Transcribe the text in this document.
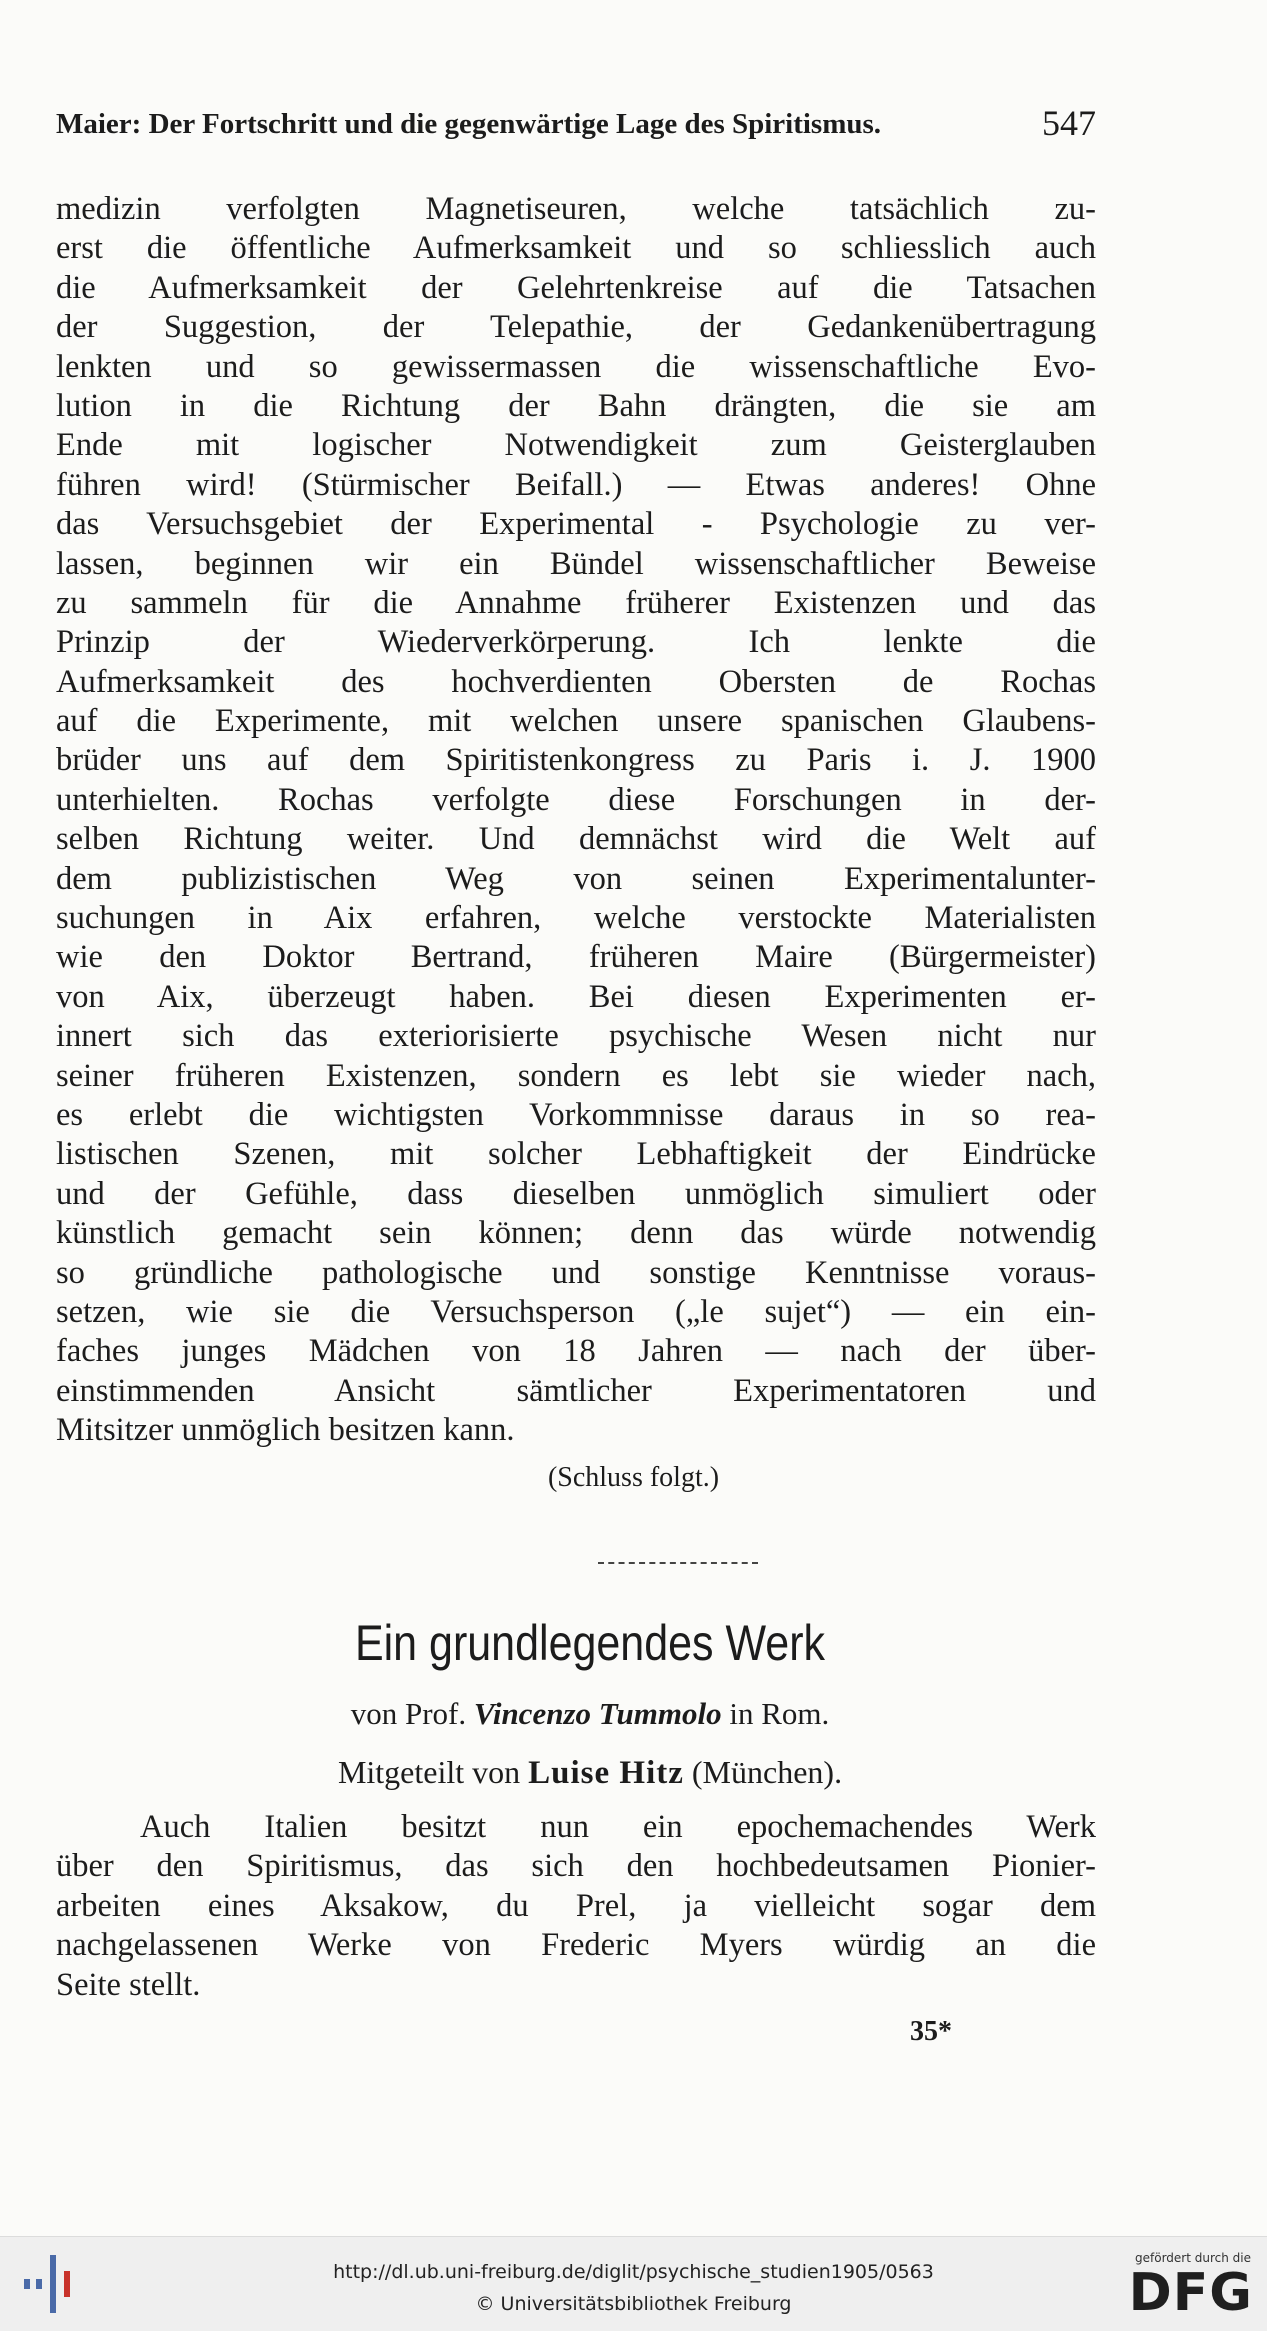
Maier: Der Fortschritt und die gegenwärtige Lage des Spiritismus.	547
medizin verfolgten Magnetiseuren, welche tatsächlich zu-
erst die öffentliche Aufmerksamkeit und so schliesslich auch
die Aufmerksamkeit der Gelehrtenkreise auf die Tatsachen
der Suggestion, der Telepathie, der Gedankenübertragung
lenkten und so gewissermassen die wissenschaftliche Evo-
lution in die Richtung der Bahn drängten, die sie am
Ende mit logischer Notwendigkeit zum Geisterglauben
führen wird! (Stürmischer Beifall.) — Etwas anderes! Ohne
das Versuchsgebiet der Experimental - Psychologie zu ver-
lassen, beginnen wir ein Bündel wissenschaftlicher Beweise
zu sammeln für die Annahme früherer Existenzen und das
Prinzip der Wiederverkörperung. Ich lenkte die
Aufmerksamkeit des hochverdienten Obersten de Rochas
auf die Experimente, mit welchen unsere spanischen Glaubens-
brüder uns auf dem Spiritistenkongress zu Paris i. J. 1900
unterhielten. Rochas verfolgte diese Forschungen in der-
selben Richtung weiter. Und demnächst wird die Welt auf
dem publizistischen Weg von seinen Experimentalunter-
suchungen in Aix erfahren, welche verstockte Materialisten
wie den Doktor Bertrand, früheren Maire (Bürgermeister)
von Aix, überzeugt haben. Bei diesen Experimenten er-
innert sich das exteriorisierte psychische Wesen nicht nur
seiner früheren Existenzen, sondern es lebt sie wieder nach,
es erlebt die wichtigsten Vorkommnisse daraus in so rea-
listischen Szenen, mit solcher Lebhaftigkeit der Eindrücke
und der Gefühle, dass dieselben unmöglich simuliert oder
künstlich gemacht sein können; denn das würde notwendig
so gründliche pathologische und sonstige Kenntnisse voraus-
setzen, wie sie die Versuchsperson („le sujet“) — ein ein-
faches junges Mädchen von 18 Jahren — nach der über-
einstimmenden Ansicht sämtlicher Experimentatoren und
Mitsitzer unmöglich besitzen kann.
(Schluss folgt.)
Ein grundlegendes Werk
von Prof. Vincenzo Tummolo in Rom.
Mitgeteilt von Luise Hitz (München).
Auch Italien besitzt nun ein epochemachendes Werk
über den Spiritismus, das sich den hochbedeutsamen Pionier-
arbeiten eines Aksakow, du Prel, ja vielleicht sogar dem
nachgelassenen Werke von Frederic Myers würdig an die
Seite stellt.
35*
http://dl.ub.uni-freiburg.de/diglit/psychische_studien1905/0563
© Universitätsbibliothek Freiburg
gefördert durch die
DFG
